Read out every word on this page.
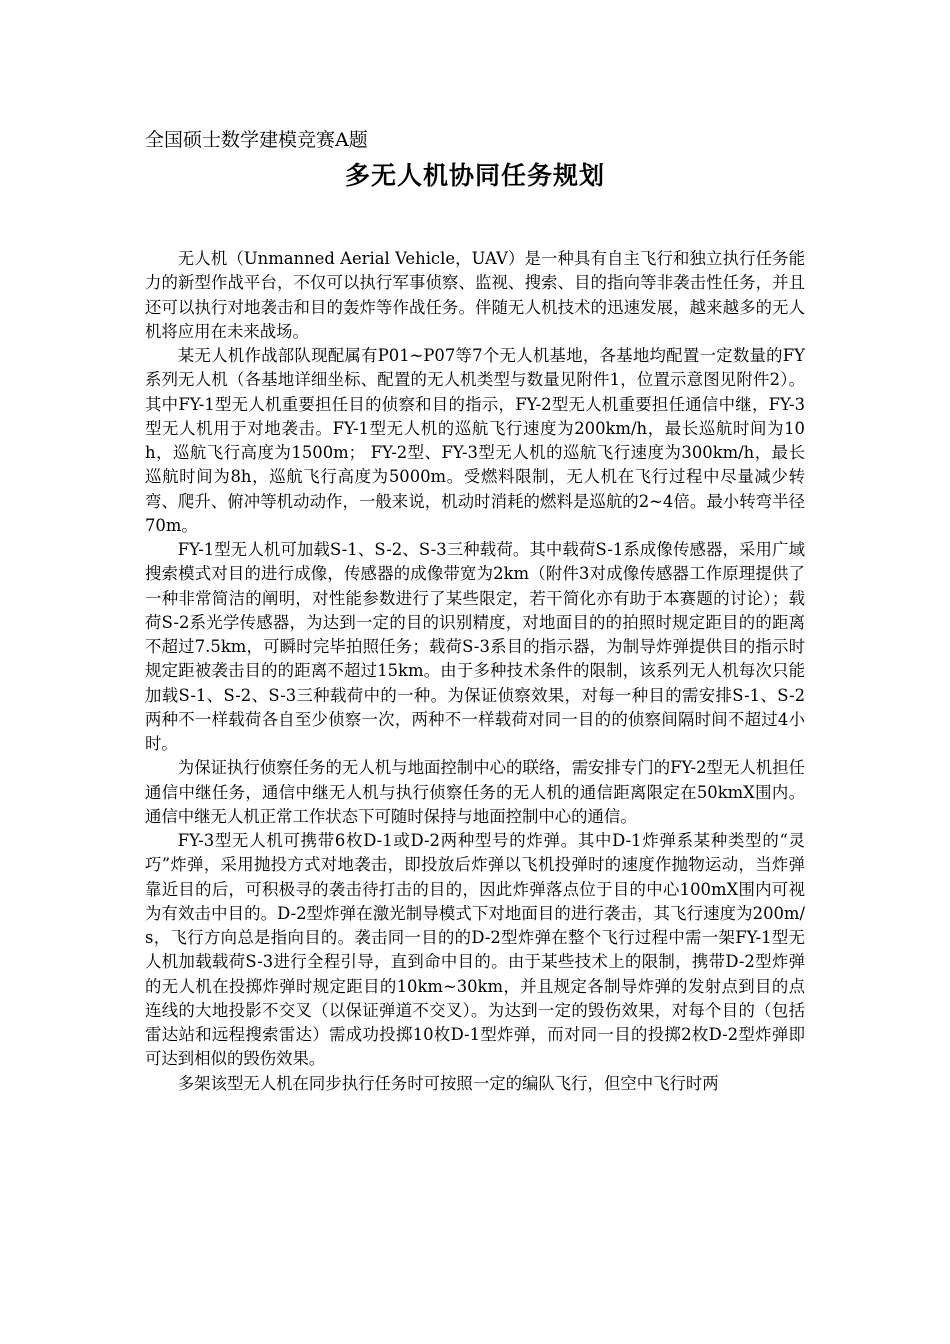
全国硕士数学建模竞赛A题
多无人机协同任务规划

无人机（Unmanned Aerial Vehicle，UAV）是一种具有自主飞行和独立执行任务能力的新型作战平台，不仅可以执行军事侦察、监视、搜索、目的指向等非袭击性任务，并且还可以执行对地袭击和目的轰炸等作战任务。伴随无人机技术的迅速发展，越来越多的无人机将应用在未来战场。

某无人机作战部队现配属有P01~P07等7个无人机基地，各基地均配置一定数量的FY系列无人机（各基地详细坐标、配置的无人机类型与数量见附件1，位置示意图见附件2）。其中FY-1型无人机重要担任目的侦察和目的指示，FY-2型无人机重要担任通信中继，FY-3型无人机用于对地袭击。FY-1型无人机的巡航飞行速度为200km/h，最长巡航时间为10h，巡航飞行高度为1500m； FY-2型、FY-3型无人机的巡航飞行速度为300km/h，最长巡航时间为8h，巡航飞行高度为5000m。受燃料限制，无人机在飞行过程中尽量减少转弯、爬升、俯冲等机动动作，一般来说，机动时消耗的燃料是巡航的2~4倍。最小转弯半径70m。

FY-1型无人机可加载S-1、S-2、S-3三种载荷。其中载荷S-1系成像传感器，采用广域搜索模式对目的进行成像，传感器的成像带宽为2km（附件3对成像传感器工作原理提供了一种非常简洁的阐明，对性能参数进行了某些限定，若干简化亦有助于本赛题的讨论）；载荷S-2系光学传感器，为达到一定的目的识别精度，对地面目的的拍照时规定距目的的距离不超过7.5km，可瞬时完毕拍照任务；载荷S-3系目的指示器，为制导炸弹提供目的指示时规定距被袭击目的的距离不超过15km。由于多种技术条件的限制，该系列无人机每次只能加载S-1、S-2、S-3三种载荷中的一种。为保证侦察效果，对每一种目的需安排S-1、S-2两种不一样载荷各自至少侦察一次，两种不一样载荷对同一目的的侦察间隔时间不超过4小时。

为保证执行侦察任务的无人机与地面控制中心的联络，需安排专门的FY-2型无人机担任通信中继任务，通信中继无人机与执行侦察任务的无人机的通信距离限定在50kmX围内。通信中继无人机正常工作状态下可随时保持与地面控制中心的通信。

FY-3型无人机可携带6枚D-1或D-2两种型号的炸弹。其中D-1炸弹系某种类型的“灵巧”炸弹，采用抛投方式对地袭击，即投放后炸弹以飞机投弹时的速度作抛物运动，当炸弹靠近目的后，可积极寻的袭击待打击的目的，因此炸弹落点位于目的中心100mX围内可视为有效击中目的。D-2型炸弹在激光制导模式下对地面目的进行袭击，其飞行速度为200m/s，飞行方向总是指向目的。袭击同一目的的D-2型炸弹在整个飞行过程中需一架FY-1型无人机加载载荷S-3进行全程引导，直到命中目的。由于某些技术上的限制，携带D-2型炸弹的无人机在投掷炸弹时规定距目的10km~30km，并且规定各制导炸弹的发射点到目的点连线的大地投影不交叉（以保证弹道不交叉）。为达到一定的毁伤效果，对每个目的（包括雷达站和远程搜索雷达）需成功投掷10枚D-1型炸弹，而对同一目的投掷2枚D-2型炸弹即可达到相似的毁伤效果。

多架该型无人机在同步执行任务时可按照一定的编队飞行，但空中飞行时两
